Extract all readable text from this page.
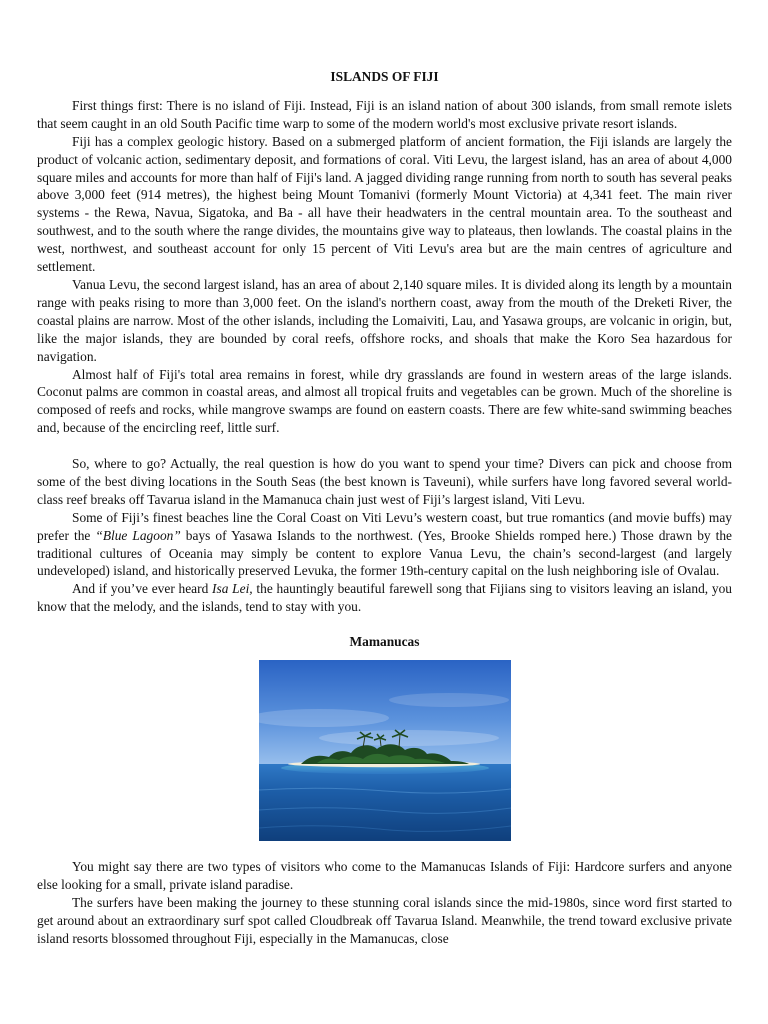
ISLANDS OF FIJI

First things first: There is no island of Fiji. Instead, Fiji is an island nation of about 300 islands, from small remote islets that seem caught in an old South Pacific time warp to some of the modern world's most exclusive private resort islands.

Fiji has a complex geologic history. Based on a submerged platform of ancient formation, the Fiji islands are largely the product of volcanic action, sedimentary deposit, and formations of coral. Viti Levu, the largest island, has an area of about 4,000 square miles and accounts for more than half of Fiji's land. A jagged dividing range running from north to south has several peaks above 3,000 feet (914 metres), the highest being Mount Tomanivi (formerly Mount Victoria) at 4,341 feet. The main river systems - the Rewa, Navua, Sigatoka, and Ba - all have their headwaters in the central mountain area. To the southeast and southwest, and to the south where the range divides, the mountains give way to plateaus, then lowlands. The coastal plains in the west, northwest, and southeast account for only 15 percent of Viti Levu's area but are the main centres of agriculture and settlement.

Vanua Levu, the second largest island, has an area of about 2,140 square miles. It is divided along its length by a mountain range with peaks rising to more than 3,000 feet. On the island's northern coast, away from the mouth of the Dreketi River, the coastal plains are narrow. Most of the other islands, including the Lomaiviti, Lau, and Yasawa groups, are volcanic in origin, but, like the major islands, they are bounded by coral reefs, offshore rocks, and shoals that make the Koro Sea hazardous for navigation.

Almost half of Fiji's total area remains in forest, while dry grasslands are found in western areas of the large islands. Coconut palms are common in coastal areas, and almost all tropical fruits and vegetables can be grown. Much of the shoreline is composed of reefs and rocks, while mangrove swamps are found on eastern coasts. There are few white-sand swimming beaches and, because of the encircling reef, little surf.

So, where to go? Actually, the real question is how do you want to spend your time? Divers can pick and choose from some of the best diving locations in the South Seas (the best known is Taveuni), while surfers have long favored several world-class reef breaks off Tavarua island in the Mamanuca chain just west of Fiji’s largest island, Viti Levu.

Some of Fiji’s finest beaches line the Coral Coast on Viti Levu’s western coast, but true romantics (and movie buffs) may prefer the “Blue Lagoon” bays of Yasawa Islands to the northwest. (Yes, Brooke Shields romped here.) Those drawn by the traditional cultures of Oceania may simply be content to explore Vanua Levu, the chain’s second-largest (and largely undeveloped) island, and historically preserved Levuka, the former 19th-century capital on the lush neighboring isle of Ovalau.

And if you’ve ever heard Isa Lei, the hauntingly beautiful farewell song that Fijians sing to visitors leaving an island, you know that the melody, and the islands, tend to stay with you.

Mamanucas

You might say there are two types of visitors who come to the Mamanucas Islands of Fiji: Hardcore surfers and anyone else looking for a small, private island paradise.

The surfers have been making the journey to these stunning coral islands since the mid-1980s, since word first started to get around about an extraordinary surf spot called Cloudbreak off Tavarua Island. Meanwhile, the trend toward exclusive private island resorts blossomed throughout Fiji, especially in the Mamanucas, close
